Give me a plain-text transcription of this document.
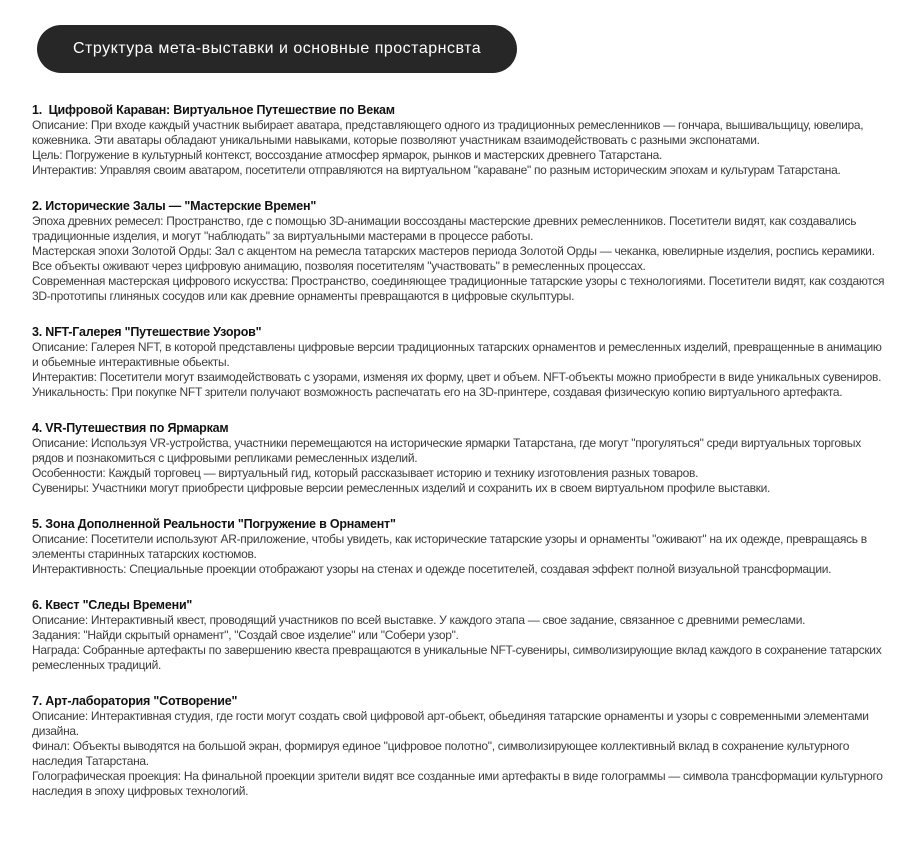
Структура мета-выставки и основные простарнсвта
1.  Цифровой Караван: Виртуальное Путешествие по Векам

Описание: При входе каждый участник выбирает аватара, представляющего одного из традиционных ремесленников — гончара, вышивальщицу, ювелира, кожевника. Эти аватары обладают уникальными навыками, которые позволяют участникам взаимодействовать с разными экспонатами.

Цель: Погружение в культурный контекст, воссоздание атмосфер ярмарок, рынков и мастерских древнего Татарстана.

Интерактив: Управляя своим аватаром, посетители отправляются на виртуальном "караване" по разным историческим эпохам и культурам Татарстана.

2. Исторические Залы — "Мастерские Времен"

Эпоха древних ремесел: Пространство, где с помощью 3D-анимации воссозданы мастерские древних ремесленников. Посетители видят, как создавались традиционные изделия, и могут "наблюдать" за виртуальными мастерами в процессе работы.

Мастерская эпохи Золотой Орды: Зал с акцентом на ремесла татарских мастеров периода Золотой Орды — чеканка, ювелирные изделия, роспись керамики. Все объекты оживают через цифровую анимацию, позволяя посетителям "участвовать" в ремесленных процессах.

Современная мастерская цифрового искусства: Пространство, соединяющее традиционные татарские узоры с технологиями. Посетители видят, как создаются 3D-прототипы глиняных сосудов или как древние орнаменты превращаются в цифровые скульптуры.

3. NFT-Галерея "Путешествие Узоров"

Описание: Галерея NFT, в которой представлены цифровые версии традиционных татарских орнаментов и ремесленных изделий, превращенные в анимацию и обьемные интерактивные обьекты.

Интерактив: Посетители могут взаимодействовать с узорами, изменяя их форму, цвет и объем. NFT-объекты можно приобрести в виде уникальных сувениров.

Уникальность: При покупке NFT зрители получают возможность распечатать его на 3D-принтере, создавая физическую копию виртуального артефакта.

4. VR-Путешествия по Ярмаркам

Описание: Используя VR-устройства, участники перемещаются на исторические ярмарки Татарстана, где могут "прогуляться" среди виртуальных торговых рядов и познакомиться с цифровыми репликами ремесленных изделий.

Особенности: Каждый торговец — виртуальный гид, который рассказывает историю и технику изготовления разных товаров.

Сувениры: Участники могут приобрести цифровые версии ремесленных изделий и сохранить их в своем виртуальном профиле выставки.

5. Зона Дополненной Реальности "Погружение в Орнамент"

Описание: Посетители используют AR-приложение, чтобы увидеть, как исторические татарские узоры и орнаменты "оживают" на их одежде, превращаясь в элементы старинных татарских костюмов.

Интерактивность: Специальные проекции отображают узоры на стенах и одежде посетителей, создавая эффект полной визуальной трансформации.

6. Квест "Следы Времени"

Описание: Интерактивный квест, проводящий участников по всей выставке. У каждого этапа — свое задание, связанное с древними ремеслами.

Задания: "Найди скрытый орнамент", "Создай свое изделие" или "Собери узор".

Награда: Собранные артефакты по завершению квеста превращаются в уникальные NFT-сувениры, символизирующие вклад каждого в сохранение татарских ремесленных традиций.

7. Арт-лаборатория "Сотворение"

Описание: Интерактивная студия, где гости могут создать свой цифровой арт-обьект, обьединяя татарские орнаменты и узоры с современными элементами дизайна.

Финал: Объекты выводятся на большой экран, формируя единое "цифровое полотно", символизирующее коллективный вклад в сохранение культурного наследия Татарстана.

Голографическая проекция: На финальной проекции зрители видят все созданные ими артефакты в виде голограммы — символа трансформации культурного наследия в эпоху цифровых технологий.
